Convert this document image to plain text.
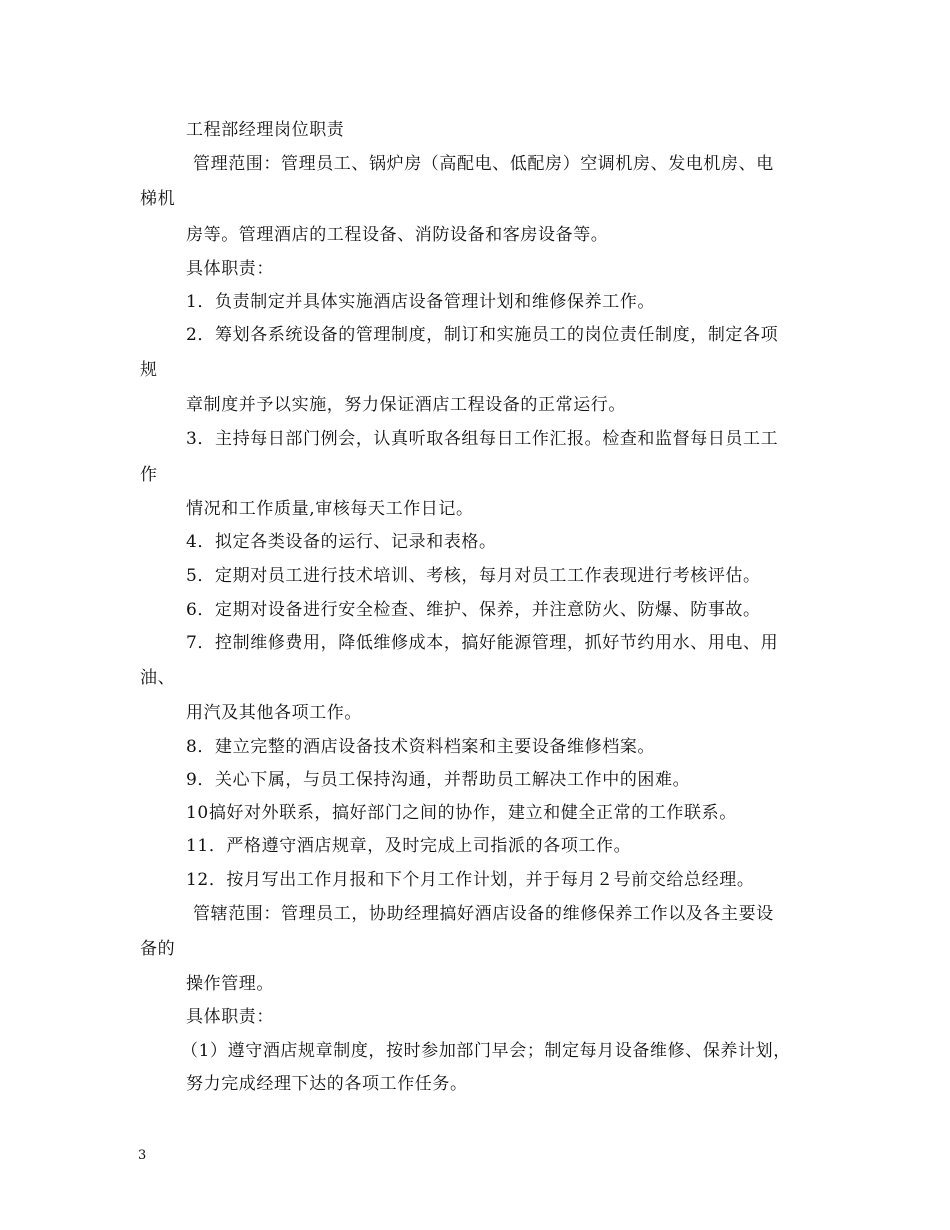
工程部经理岗位职责
管理范围：管理员工、锅炉房（高配电、低配房）空调机房、发电机房、电
梯机
房等。管理酒店的工程设备、消防设备和客房设备等。
具体职责：
1．负责制定并具体实施酒店设备管理计划和维修保养工作。
2．筹划各系统设备的管理制度，制订和实施员工的岗位责任制度，制定各项
规
章制度并予以实施，努力保证酒店工程设备的正常运行。
3．主持每日部门例会，认真听取各组每日工作汇报。检查和监督每日员工工
作
情况和工作质量,审核每天工作日记。
4．拟定各类设备的运行、记录和表格。
5．定期对员工进行技术培训、考核，每月对员工工作表现进行考核评估。
6．定期对设备进行安全检查、维护、保养，并注意防火、防爆、防事故。
7．控制维修费用，降低维修成本，搞好能源管理，抓好节约用水、用电、用
油、
用汽及其他各项工作。
8．建立完整的酒店设备技术资料档案和主要设备维修档案。
9．关心下属，与员工保持沟通，并帮助员工解决工作中的困难。
10搞好对外联系，搞好部门之间的协作，建立和健全正常的工作联系。
11．严格遵守酒店规章，及时完成上司指派的各项工作。
12．按月写出工作月报和下个月工作计划，并于每月２号前交给总经理。
管辖范围：管理员工，协助经理搞好酒店设备的维修保养工作以及各主要设
备的
操作管理。
具体职责：
（1）遵守酒店规章制度，按时参加部门早会；制定每月设备维修、保养计划，
努力完成经理下达的各项工作任务。
3
